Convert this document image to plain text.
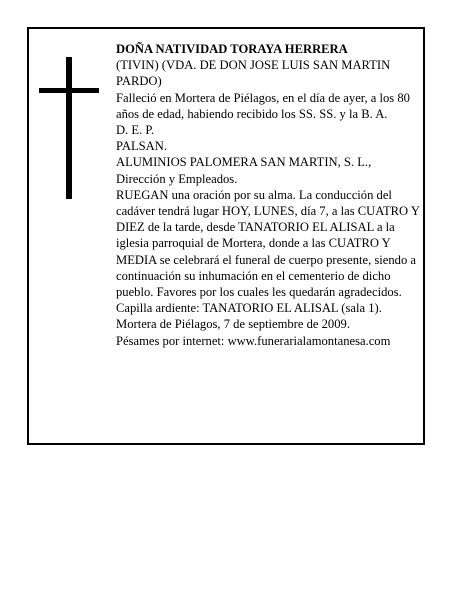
DOÑA NATIVIDAD TORAYA HERRERA

(TIVIN) (VDA. DE DON JOSE LUIS SAN MARTIN PARDO)

Falleció en Mortera de Piélagos, en el día de ayer, a los 80 años de edad, habiendo recibido los SS. SS. y la B. A.

D. E. P.

PALSAN.

ALUMINIOS PALOMERA SAN MARTIN, S. L., Dirección y Empleados.

RUEGAN una oración por su alma. La conducción del cadáver tendrá lugar HOY, LUNES, día 7, a las CUATRO Y DIEZ de la tarde, desde TANATORIO EL ALISAL a la iglesia parroquial de Mortera, donde a las CUATRO Y MEDIA se celebrará el funeral de cuerpo presente, siendo a continuación su inhumación en el cementerio de dicho pueblo. Favores por los cuales les quedarán agradecidos. Capilla ardiente: TANATORIO EL ALISAL (sala 1).

Mortera de Piélagos, 7 de septiembre de 2009.

Pésames por internet: www.funerarialamontanesa.com
